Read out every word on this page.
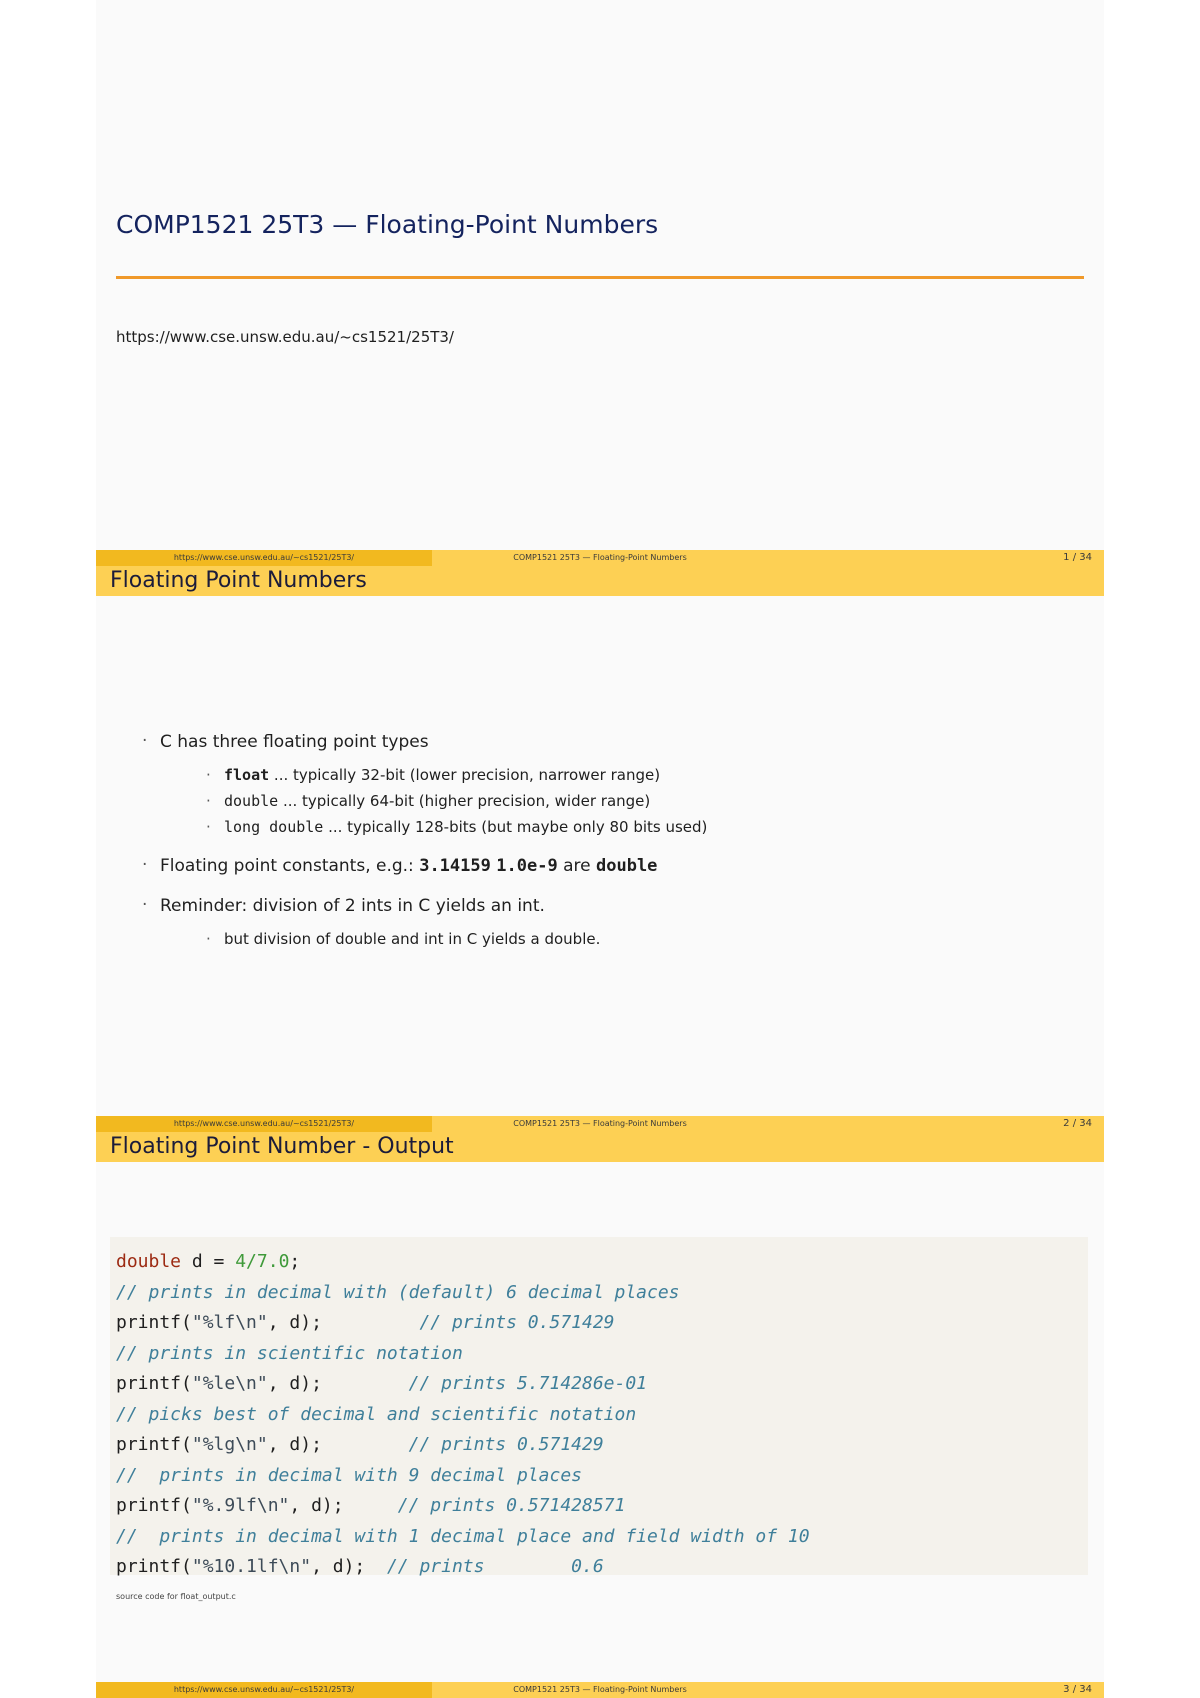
COMP1521 25T3 — Floating-Point Numbers
https://www.cse.unsw.edu.au/~cs1521/25T3/
https://www.cse.unsw.edu.au/~cs1521/25T3/	COMP1521 25T3 — Floating-Point Numbers	1 / 34
Floating Point Numbers
· C has three floating point types
· float ... typically 32-bit (lower precision, narrower range)
· double ... typically 64-bit (higher precision, wider range)
· long double ... typically 128-bits (but maybe only 80 bits used)
· Floating point constants, e.g.: 3.14159 1.0e-9 are double
· Reminder: division of 2 ints in C yields an int.
· but division of double and int in C yields a double.
https://www.cse.unsw.edu.au/~cs1521/25T3/	COMP1521 25T3 — Floating-Point Numbers	2 / 34
Floating Point Number - Output
double d = 4/7.0;
// prints in decimal with (default) 6 decimal places
printf("%lf\n", d);         // prints 0.571429
// prints in scientific notation
printf("%le\n", d);        // prints 5.714286e-01
// picks best of decimal and scientific notation
printf("%lg\n", d);        // prints 0.571429
//  prints in decimal with 9 decimal places
printf("%.9lf\n", d);     // prints 0.571428571
//  prints in decimal with 1 decimal place and field width of 10
printf("%10.1lf\n", d);  // prints        0.6
source code for float_output.c
https://www.cse.unsw.edu.au/~cs1521/25T3/	COMP1521 25T3 — Floating-Point Numbers	3 / 34
